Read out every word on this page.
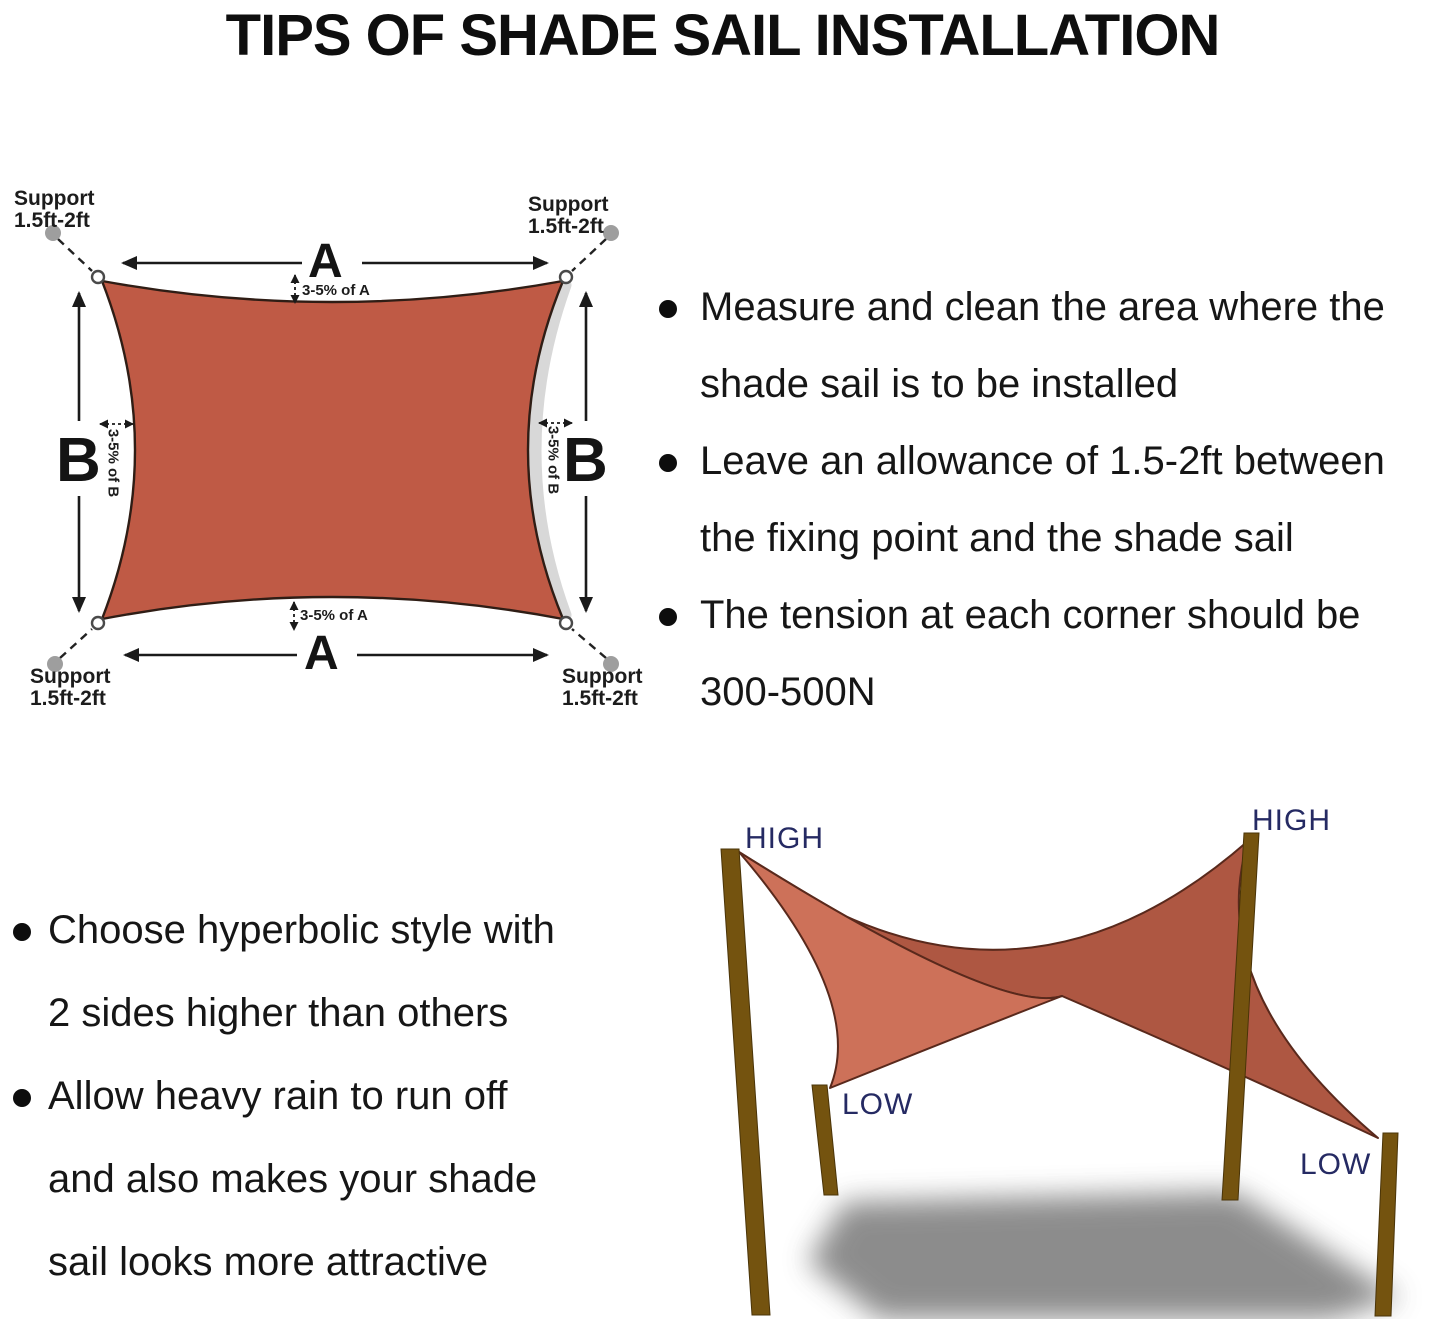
TIPS OF SHADE SAIL INSTALLATION
Support
1.5ft-2ft
Support
1.5ft-2ft
Support
1.5ft-2ft
Support
1.5ft-2ft
A
A
B	B
3-5% of A
3-5% of A
3-5% of B	3-5% of B
Measure and clean the area where the
shade sail is to be installed
Leave an allowance of 1.5-2ft between
the fixing point and the shade sail
The tension at each corner should be
300-500N
Choose hyperbolic style with
2 sides higher than others
Allow heavy rain to run off
and also makes your shade
sail looks more attractive
HIGH
HIGH
LOW
LOW
